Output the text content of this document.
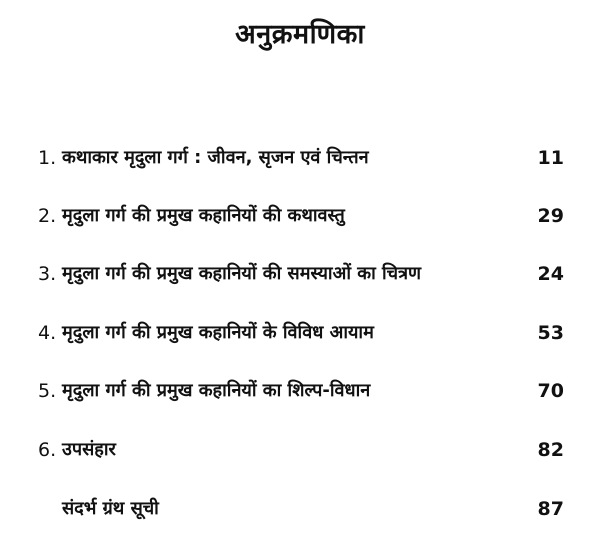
अनुक्रमणिका
1. कथाकार मृदुला गर्ग : जीवन, सृजन एवं चिन्तन	11
2. मृदुला गर्ग की प्रमुख कहानियों की कथावस्तु	29
3. मृदुला गर्ग की प्रमुख कहानियों की समस्याओं का चित्रण	24
4. मृदुला गर्ग की प्रमुख कहानियों के विविध आयाम	53
5. मृदुला गर्ग की प्रमुख कहानियों का शिल्प-विधान	70
6. उपसंहार	82
संदर्भ ग्रंथ सूची	87
